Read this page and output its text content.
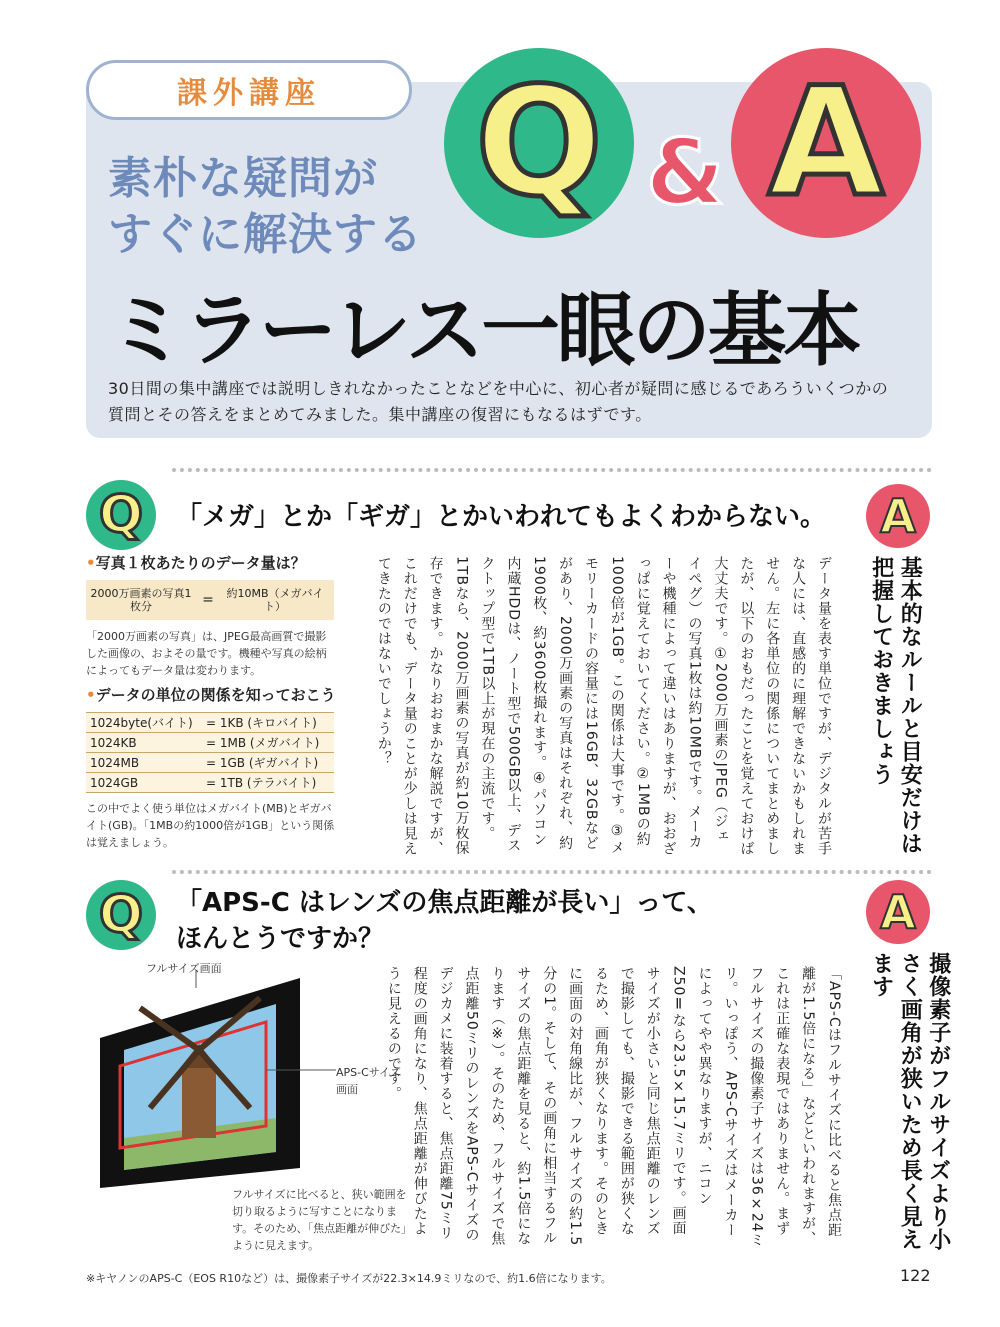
課外講座
素朴な疑問が
すぐに解決する
Q & A
ミラーレス一眼の基本
30日間の集中講座では説明しきれなかったことなどを中心に、初心者が疑問に感じるであろういくつかの
質問とその答えをまとめてみました。集中講座の復習にもなるはずです。
Q 「メガ」とか「ギガ」とかいわれてもよくわからない。 A
基本的なルールと目安だけは把握しておきましょう
データ量を表す単位ですが、デジタルが苦手な人には、直感的に理解できないかもしれません。左に各単位の関係についてまとめましたが、以下のおもだったことを覚えておけば大丈夫です。①2000万画素のJPEG（ジェイペグ）の写真1枚は約10MBです。メーカーや機種によって違いはありますが、おおざっぱに覚えておいてください。②1MBの約1000倍が1GB。この関係は大事です。③メモリーカードの容量には16GB、32GBなどがあり、2000万画素の写真はそれぞれ、約1900枚、約3600枚撮れます。④パソコン内蔵HDDは、ノート型で500GB以上、デスクトップ型で1TB以上が現在の主流です。1TBなら、2000万画素の写真が約10万枚保存できます。かなりおおまかな解説ですが、これだけでも、データ量のことが少しは見えてきたのではないでしょうか？
•写真１枚あたりのデータ量は？
2000万画素の写真1枚分	=	約10MB（メガバイト）
「2000万画素の写真」は、JPEG最高画質で撮影した画像の、およその量です。機種や写真の絵柄によってもデータ量は変わります。
•データの単位の関係を知っておこう
1024byte(バイト)	= 1KB (キロバイト)
1024KB	= 1MB (メガバイト)
1024MB	= 1GB (ギガバイト)
1024GB	= 1TB (テラバイト)
この中でよく使う単位はメガバイト(MB)とギガバイト(GB)。「1MBの約1000倍が1GB」という関係は覚えましょう。
Q 「APS-C はレンズの焦点距離が長い」って、
ほんとうですか？	A
撮像素子がフルサイズより小さく画角が狭いため長く見えます
「APS-Cはフルサイズに比べると焦点距離が1.5倍になる」などといわれますが、これは正確な表現ではありません。まずフルサイズの撮像素子サイズは36×24ミリ。いっぽう、APS-Cサイズはメーカーによってやや異なりますが、ニコンZ50Ⅱなら23.5×15.7ミリです。画面サイズが小さいと同じ焦点距離のレンズで撮影しても、撮影できる範囲が狭くなるため、画角が狭くなります。そのときに画面の対角線比が、フルサイズの約1.5分の1。そして、その画角に相当するフルサイズの焦点距離を見ると、約1.5倍になります（※）。そのため、フルサイズで焦点距離50ミリのレンズをAPS-Cサイズのデジカメに装着すると、焦点距離75ミリ程度の画角になり、焦点距離が伸びたように見えるのです。
フルサイズ画面
APS-Cサイズ画面
フルサイズに比べると、狭い範囲を切り取るように写すことになります。そのため、「焦点距離が伸びた」ように見えます。
※キヤノンのAPS-C（EOS R10など）は、撮像素子サイズが22.3×14.9ミリなので、約1.6倍になります。	122
